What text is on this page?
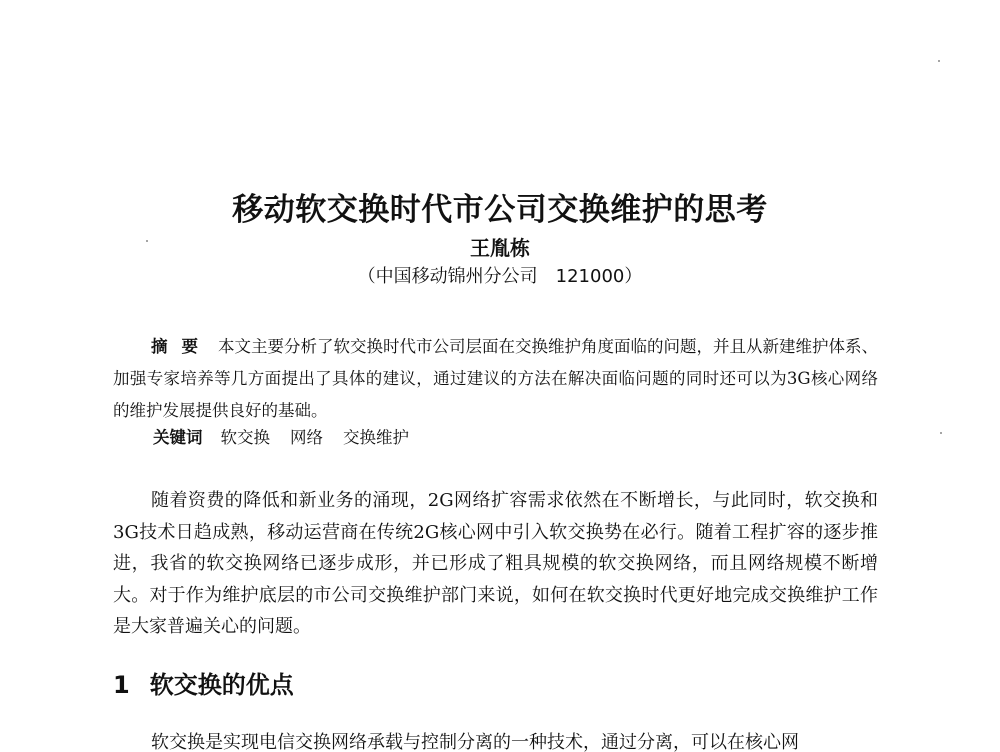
移动软交换时代市公司交换维护的思考

王胤栋

（中国移动锦州分公司 121000）

摘要 本文主要分析了软交换时代市公司层面在交换维护角度面临的问题，并且从新建维护体系、加强专家培养等几方面提出了具体的建议，通过建议的方法在解决面临问题的同时还可以为3G核心网络的维护发展提供良好的基础。

关键词 软交换 网络 交换维护

随着资费的降低和新业务的涌现，2G网络扩容需求依然在不断增长，与此同时，软交换和3G技术日趋成熟，移动运营商在传统2G核心网中引入软交换势在必行。随着工程扩容的逐步推进，我省的软交换网络已逐步成形，并已形成了粗具规模的软交换网络，而且网络规模不断增大。对于作为维护底层的市公司交换维护部门来说，如何在软交换时代更好地完成交换维护工作是大家普遍关心的问题。

1 软交换的优点

软交换是实现电信交换网络承载与控制分离的一种技术，通过分离，可以在核心网
